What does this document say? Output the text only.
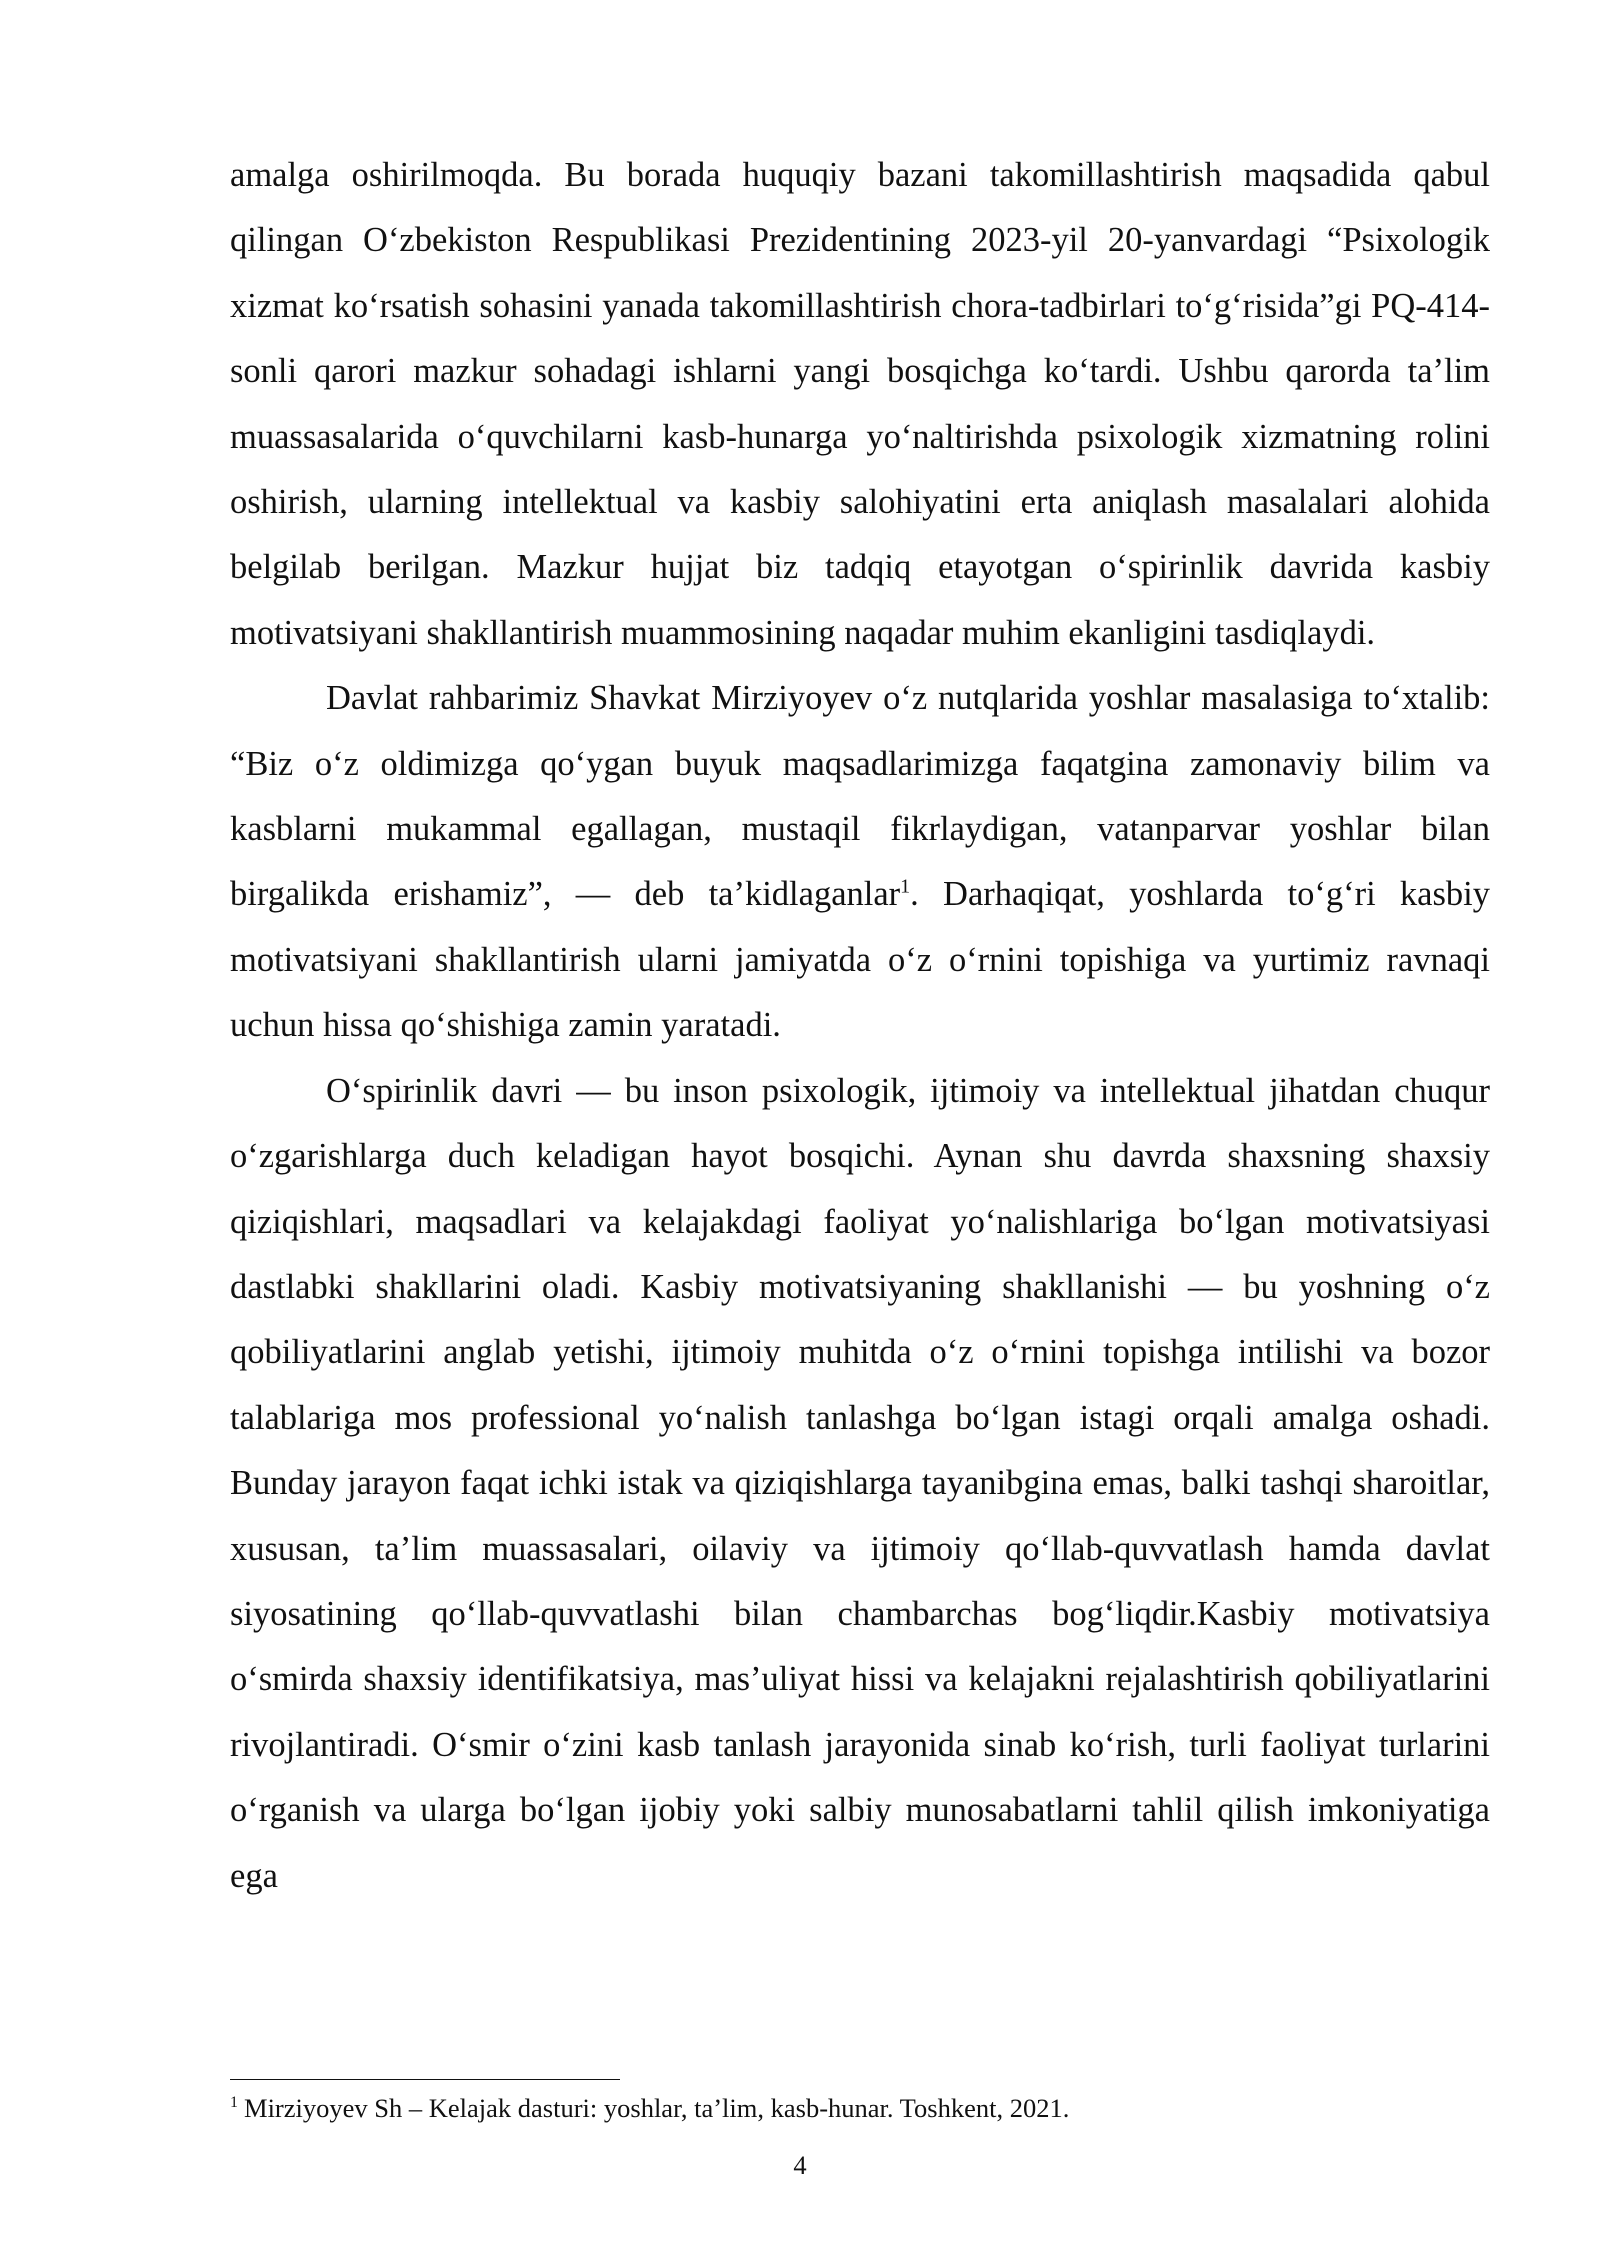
amalga oshirilmoqda. Bu borada huquqiy bazani takomillashtirish maqsadida qabul qilingan O‘zbekiston Respublikasi Prezidentining 2023-yil 20-yanvardagi “Psixologik xizmat ko‘rsatish sohasini yanada takomillashtirish chora-tadbirlari to‘g‘risida”gi PQ-414-sonli qarori mazkur sohadagi ishlarni yangi bosqichga ko‘tardi. Ushbu qarorda ta’lim muassasalarida o‘quvchilarni kasb-hunarga yo‘naltirishda psixologik xizmatning rolini oshirish, ularning intellektual va kasbiy salohiyatini erta aniqlash masalalari alohida belgilab berilgan. Mazkur hujjat biz tadqiq etayotgan o‘spirinlik davrida kasbiy motivatsiyani shakllantirish muammosining naqadar muhim ekanligini tasdiqlaydi.

Davlat rahbarimiz Shavkat Mirziyoyev o‘z nutqlarida yoshlar masalasiga to‘xtalib: “Biz o‘z oldimizga qo‘ygan buyuk maqsadlarimizga faqatgina zamonaviy bilim va kasblarni mukammal egallagan, mustaqil fikrlaydigan, vatanparvar yoshlar bilan birgalikda erishamiz”, — deb ta’kidlaganlar$^1$. Darhaqiqat, yoshlarda to‘g‘ri kasbiy motivatsiyani shakllantirish ularni jamiyatda o‘z o‘rnini topishiga va yurtimiz ravnaqi uchun hissa qo‘shishiga zamin yaratadi.

O‘spirinlik davri — bu inson psixologik, ijtimoiy va intellektual jihatdan chuqur o‘zgarishlarga duch keladigan hayot bosqichi. Aynan shu davrda shaxsning shaxsiy qiziqishlari, maqsadlari va kelajakdagi faoliyat yo‘nalishlariga bo‘lgan motivatsiyasi dastlabki shakllarini oladi. Kasbiy motivatsiyaning shakllanishi — bu yoshning o‘z qobiliyatlarini anglab yetishi, ijtimoiy muhitda o‘z o‘rnini topishga intilishi va bozor talablariga mos professional yo‘nalish tanlashga bo‘lgan istagi orqali amalga oshadi. Bunday jarayon faqat ichki istak va qiziqishlarga tayanibgina emas, balki tashqi sharoitlar, xususan, ta’lim muassasalari, oilaviy va ijtimoiy qo‘llab-quvvatlash hamda davlat siyosatining qo‘llab-quvvatlashi bilan chambarchas bog‘liqdir.Kasbiy motivatsiya o‘smirda shaxsiy identifikatsiya, mas’uliyat hissi va kelajakni rejalashtirish qobiliyatlarini rivojlantiradi. O‘smir o‘zini kasb tanlash jarayonida sinab ko‘rish, turli faoliyat turlarini o‘rganish va ularga bo‘lgan ijobiy yoki salbiy munosabatlarni tahlil qilish imkoniyatiga ega

$^1$ Mirziyoyev Sh – Kelajak dasturi: yoshlar, ta’lim, kasb-hunar. Toshkent, 2021.
4
